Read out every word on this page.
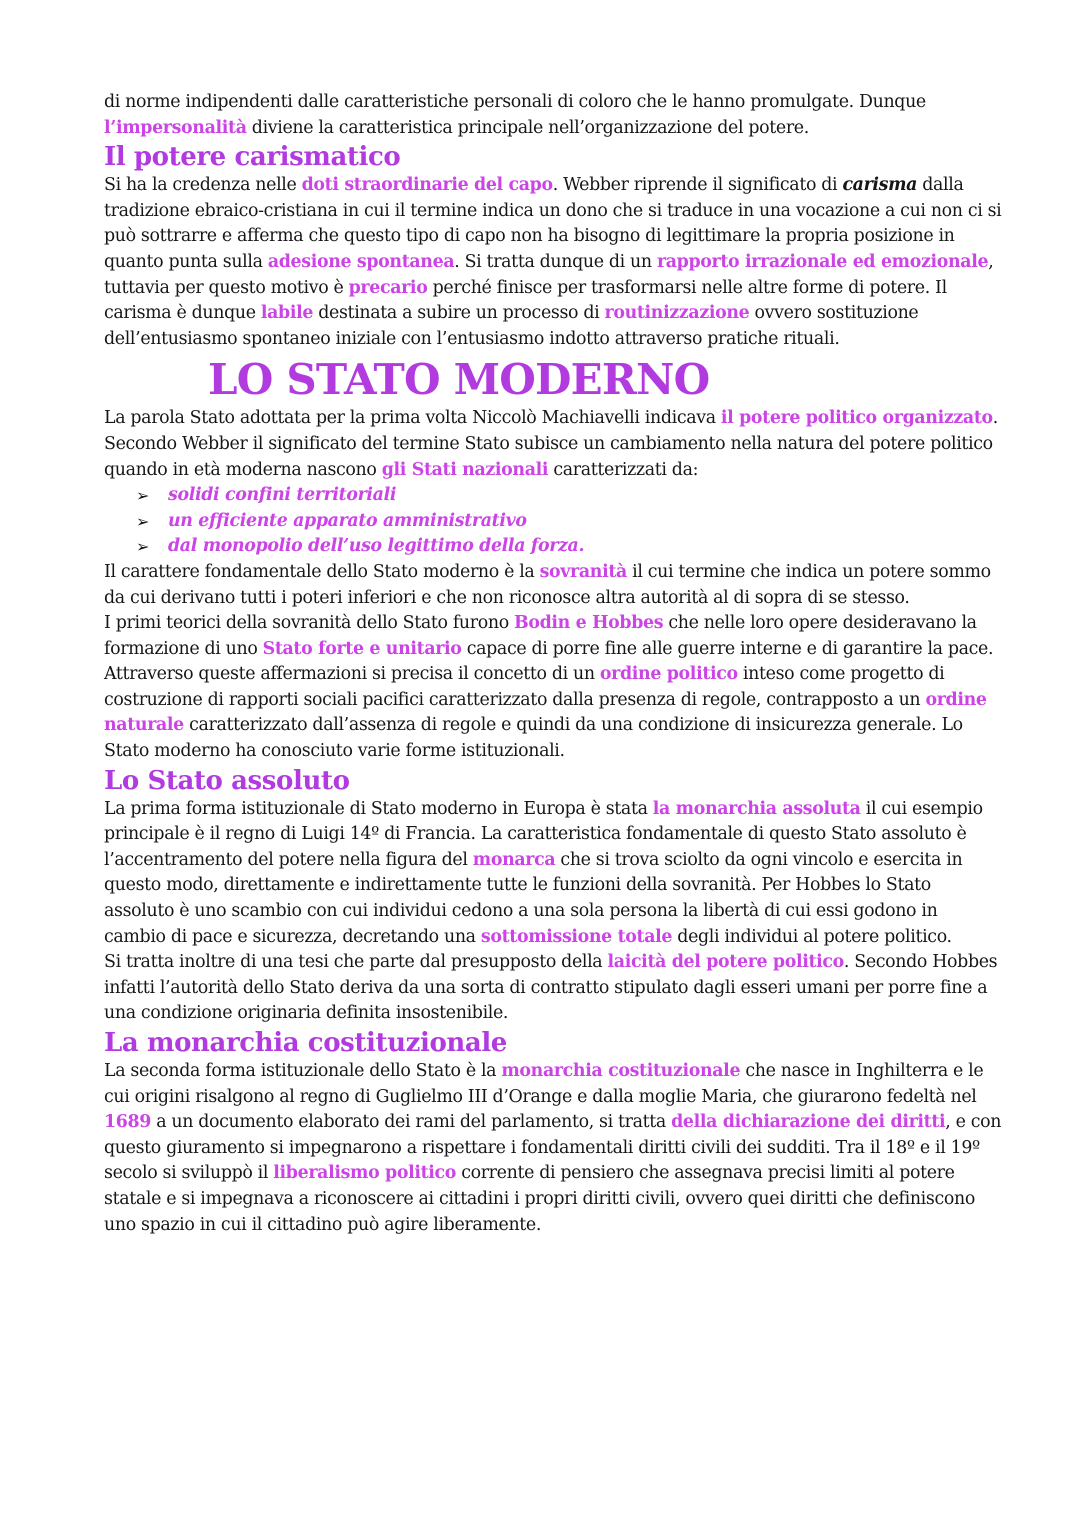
di norme indipendenti dalle caratteristiche personali di coloro che le hanno promulgate. Dunque l’impersonalità diviene la caratteristica principale nell’organizzazione del potere.

Il potere carismatico

Si ha la credenza nelle doti straordinarie del capo. Webber riprende il significato di carisma dalla tradizione ebraico-cristiana in cui il termine indica un dono che si traduce in una vocazione a cui non ci si può sottrarre e afferma che questo tipo di capo non ha bisogno di legittimare la propria posizione in quanto punta sulla adesione spontanea. Si tratta dunque di un rapporto irrazionale ed emozionale, tuttavia per questo motivo è precario perché finisce per trasformarsi nelle altre forme di potere. Il carisma è dunque labile destinata a subire un processo di routinizzazione ovvero sostituzione dell’entusiasmo spontaneo iniziale con l’entusiasmo indotto attraverso pratiche rituali.

LO STATO MODERNO

La parola Stato adottata per la prima volta Niccolò Machiavelli indicava il potere politico organizzato. Secondo Webber il significato del termine Stato subisce un cambiamento nella natura del potere politico quando in età moderna nascono gli Stati nazionali caratterizzati da:

➢ solidi confini territoriali
➢ un efficiente apparato amministrativo
➢ dal monopolio dell’uso legittimo della forza.

Il carattere fondamentale dello Stato moderno è la sovranità il cui termine che indica un potere sommo da cui derivano tutti i poteri inferiori e che non riconosce altra autorità al di sopra di se stesso.

I primi teorici della sovranità dello Stato furono Bodin e Hobbes che nelle loro opere desideravano la formazione di uno Stato forte e unitario capace di porre fine alle guerre interne e di garantire la pace. Attraverso queste affermazioni si precisa il concetto di un ordine politico inteso come progetto di costruzione di rapporti sociali pacifici caratterizzato dalla presenza di regole, contrapposto a un ordine naturale caratterizzato dall’assenza di regole e quindi da una condizione di insicurezza generale. Lo Stato moderno ha conosciuto varie forme istituzionali.

Lo Stato assoluto

La prima forma istituzionale di Stato moderno in Europa è stata la monarchia assoluta il cui esempio principale è il regno di Luigi 14º di Francia. La caratteristica fondamentale di questo Stato assoluto è l’accentramento del potere nella figura del monarca che si trova sciolto da ogni vincolo e esercita in questo modo, direttamente e indirettamente tutte le funzioni della sovranità. Per Hobbes lo Stato assoluto è uno scambio con cui individui cedono a una sola persona la libertà di cui essi godono in cambio di pace e sicurezza, decretando una sottomissione totale degli individui al potere politico.

Si tratta inoltre di una tesi che parte dal presupposto della laicità del potere politico. Secondo Hobbes infatti l’autorità dello Stato deriva da una sorta di contratto stipulato dagli esseri umani per porre fine a una condizione originaria definita insostenibile.

La monarchia costituzionale

La seconda forma istituzionale dello Stato è la monarchia costituzionale che nasce in Inghilterra e le cui origini risalgono al regno di Guglielmo III d’Orange e dalla moglie Maria, che giurarono fedeltà nel 1689 a un documento elaborato dei rami del parlamento, si tratta della dichiarazione dei diritti, e con questo giuramento si impegnarono a rispettare i fondamentali diritti civili dei sudditi. Tra il 18º e il 19º secolo si sviluppò il liberalismo politico corrente di pensiero che assegnava precisi limiti al potere statale e si impegnava a riconoscere ai cittadini i propri diritti civili, ovvero quei diritti che definiscono uno spazio in cui il cittadino può agire liberamente.
